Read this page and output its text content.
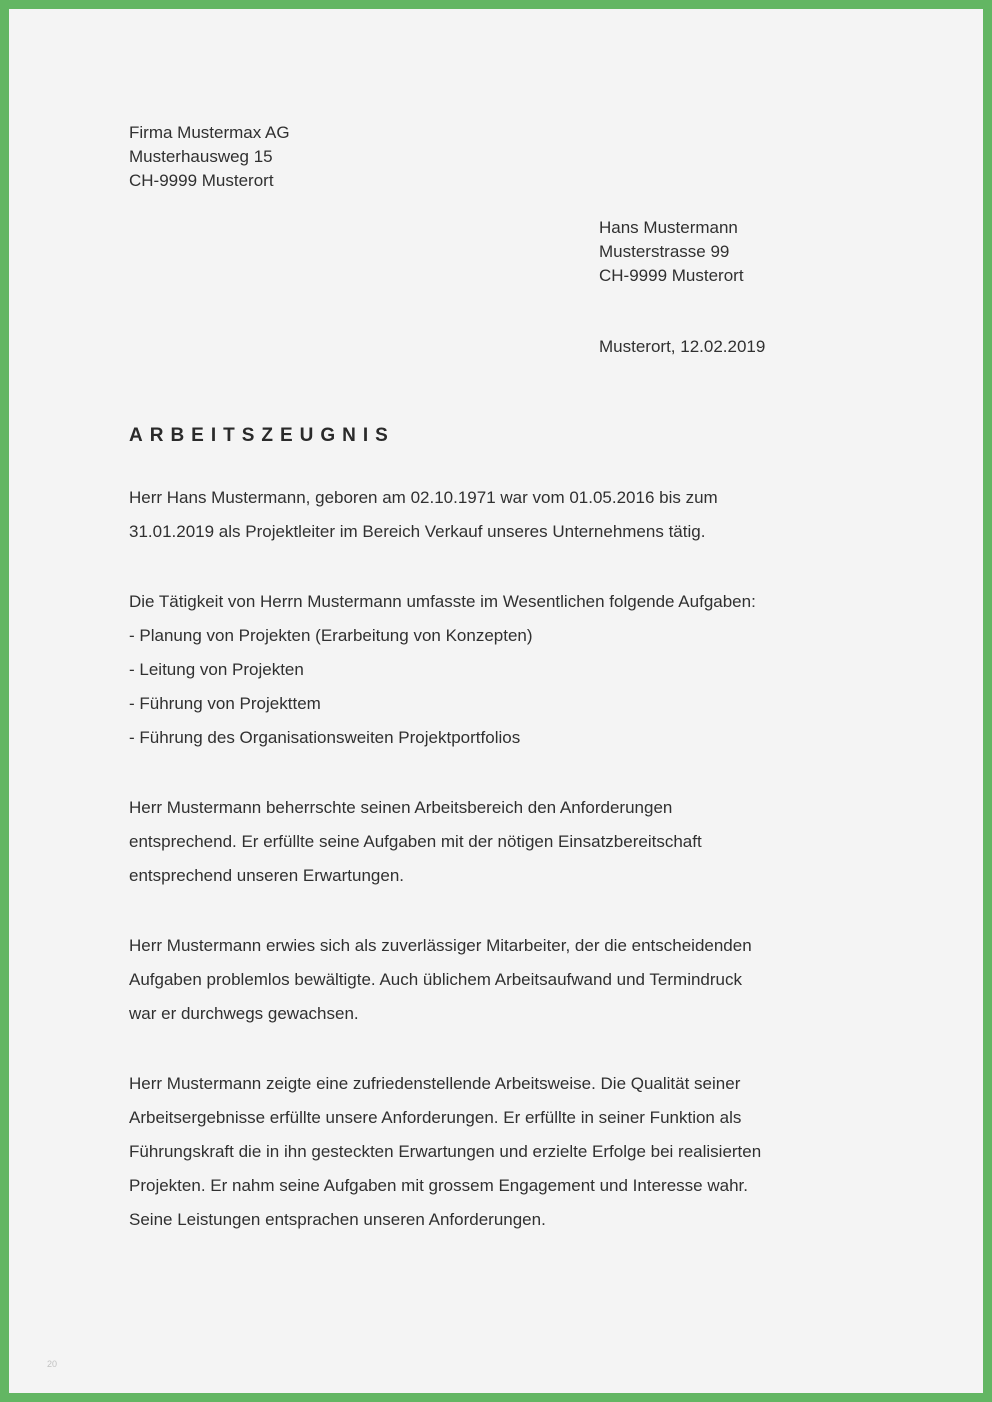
Firma Mustermax AG
Musterhausweg 15
CH-9999 Musterort
Hans Mustermann
Musterstrasse 99
CH-9999 Musterort
Musterort, 12.02.2019
ARBEITSZEUGNIS
Herr Hans Mustermann, geboren am 02.10.1971 war vom 01.05.2016 bis zum
31.01.2019 als Projektleiter im Bereich Verkauf unseres Unternehmens tätig.
Die Tätigkeit von Herrn Mustermann umfasste im Wesentlichen folgende Aufgaben:
- Planung von Projekten (Erarbeitung von Konzepten)
- Leitung von Projekten
- Führung von Projekttem
- Führung des Organisationsweiten Projektportfolios
Herr Mustermann beherrschte seinen Arbeitsbereich den Anforderungen
entsprechend. Er erfüllte seine Aufgaben mit der nötigen Einsatzbereitschaft
entsprechend unseren Erwartungen.
Herr Mustermann erwies sich als zuverlässiger Mitarbeiter, der die entscheidenden
Aufgaben problemlos bewältigte. Auch üblichem Arbeitsaufwand und Termindruck
war er durchwegs gewachsen.
Herr Mustermann zeigte eine zufriedenstellende Arbeitsweise. Die Qualität seiner
Arbeitsergebnisse erfüllte unsere Anforderungen. Er erfüllte in seiner Funktion als
Führungskraft die in ihn gesteckten Erwartungen und erzielte Erfolge bei realisierten
Projekten. Er nahm seine Aufgaben mit grossem Engagement und Interesse wahr.
Seine Leistungen entsprachen unseren Anforderungen.
20
